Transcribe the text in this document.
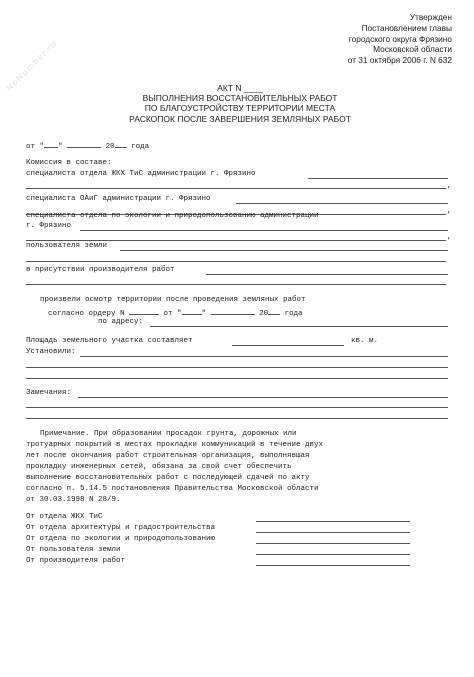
NoNumber.ru
Утвержден
Постановлением главы
городского округа Фрязино
Московской области
от 31 октября 2006 г. N 632
АКТ N ____
ВЫПОЛНЕНИЯ ВОССТАНОВИТЕЛЬНЫХ РАБОТ
ПО БЛАГОУСТРОЙСТВУ ТЕРРИТОРИИ МЕСТА
РАСКОПОК ПОСЛЕ ЗАВЕРШЕНИЯ ЗЕМЛЯНЫХ РАБОТ
от " "	20 года
Комиссия в составе:
специалиста отдела ЖКХ ТиС администрации г. Фрязино
,
специалиста ОАиГ администрации г. Фрязино
,
специалиста отдела по экологии и природопользованию администрации
г. Фрязино
,
пользователя земли
в присутствии производителя работ
произвели осмотр территории после проведения земляных работ
согласно ордеру N	от "	"	20 года
по адресу:
Площадь земельного участка составляет	кв. м.
Установили:
Замечания:
Примечание. При образовании просадок грунта, дорожных или
тротуарных покрытий в местах прокладки коммуникаций в течение двух
лет после окончания работ строительная организация, выполнявшая
прокладку инженерных сетей, обязана за свой счет обеспечить
выполнение восстановительных работ с последующей сдачей по акту
согласно п. 5.14.5 постановления Правительства Московской области
от 30.03.1998 N 28/9.
От отдела ЖКХ ТиС
От отдела архитектуры и градостроительства
От отдела по экологии и природопользованию
От пользователя земли
От производителя работ
